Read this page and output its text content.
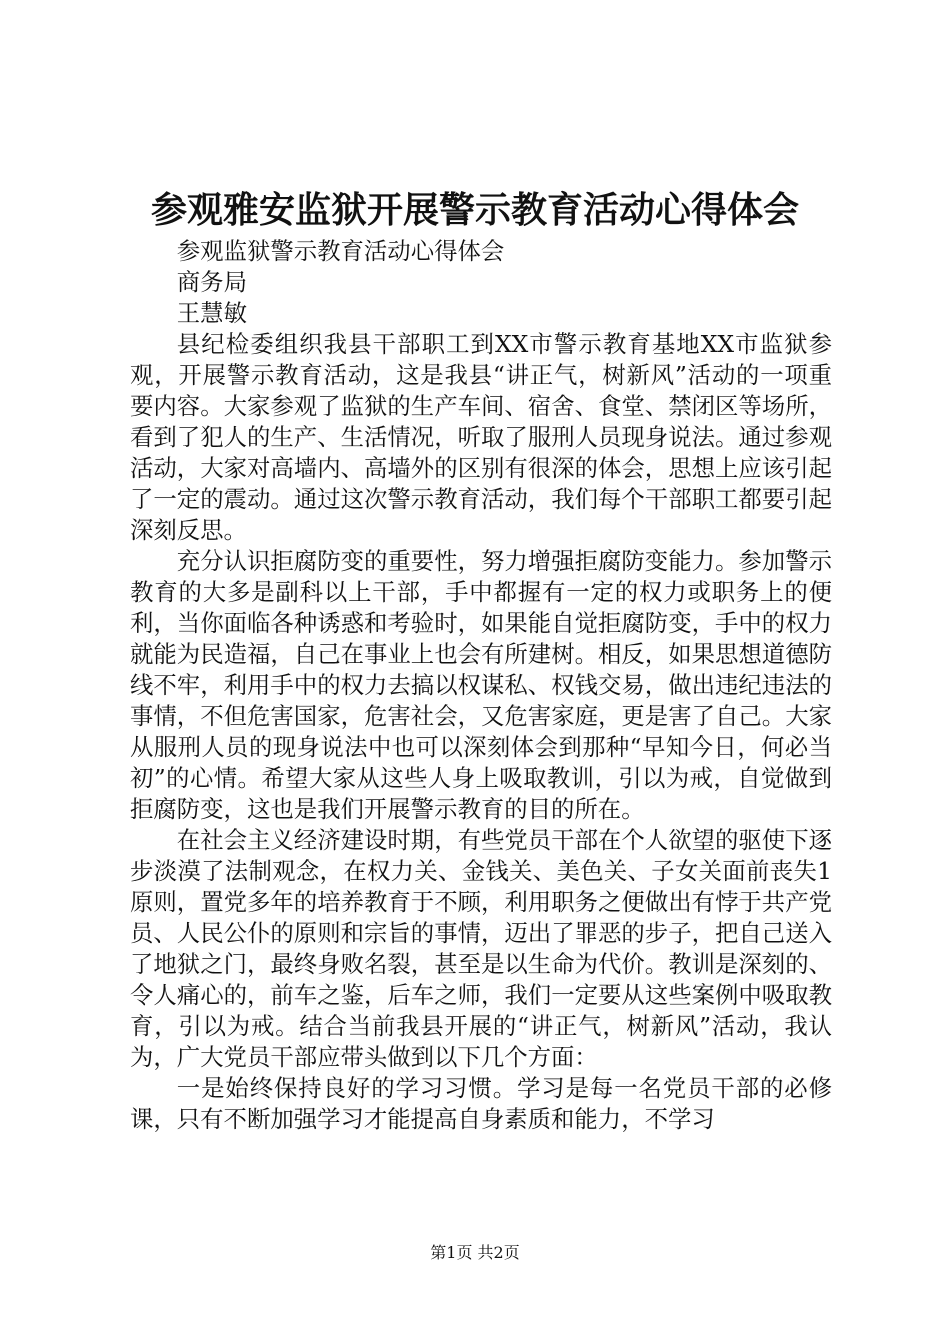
参观雅安监狱开展警示教育活动心得体会

参观监狱警示教育活动心得体会

商务局

王慧敏

县纪检委组织我县干部职工到XX市警示教育基地XX市监狱参观，开展警示教育活动，这是我县“讲正气，树新风”活动的一项重要内容。大家参观了监狱的生产车间、宿舍、食堂、禁闭区等场所，看到了犯人的生产、生活情况，听取了服刑人员现身说法。通过参观活动，大家对高墙内、高墙外的区别有很深的体会，思想上应该引起了一定的震动。通过这次警示教育活动，我们每个干部职工都要引起深刻反思。

充分认识拒腐防变的重要性，努力增强拒腐防变能力。参加警示教育的大多是副科以上干部，手中都握有一定的权力或职务上的便利，当你面临各种诱惑和考验时，如果能自觉拒腐防变，手中的权力就能为民造福，自己在事业上也会有所建树。相反，如果思想道德防线不牢，利用手中的权力去搞以权谋私、权钱交易，做出违纪违法的事情，不但危害国家，危害社会，又危害家庭，更是害了自己。大家从服刑人员的现身说法中也可以深刻体会到那种“早知今日，何必当初”的心情。希望大家从这些人身上吸取教训，引以为戒，自觉做到拒腐防变，这也是我们开展警示教育的目的所在。

在社会主义经济建设时期，有些党员干部在个人欲望的驱使下逐步淡漠了法制观念，在权力关、金钱关、美色关、子女关面前丧失1原则，置党多年的培养教育于不顾，利用职务之便做出有悖于共产党员、人民公仆的原则和宗旨的事情，迈出了罪恶的步子，把自己送入了地狱之门，最终身败名裂，甚至是以生命为代价。教训是深刻的、令人痛心的，前车之鉴，后车之师，我们一定要从这些案例中吸取教育，引以为戒。结合当前我县开展的“讲正气，树新风”活动，我认为，广大党员干部应带头做到以下几个方面：

一是始终保持良好的学习习惯。学习是每一名党员干部的必修课，只有不断加强学习才能提高自身素质和能力，不学习

第1页 共2页
